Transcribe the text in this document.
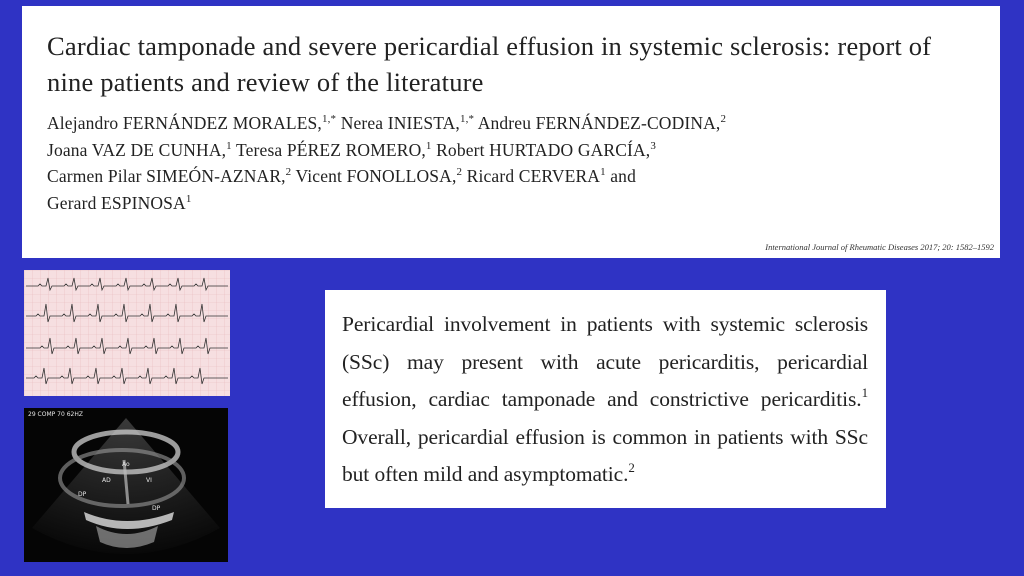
Cardiac tamponade and severe pericardial effusion in systemic sclerosis: report of nine patients and review of the literature
Alejandro FERNÁNDEZ MORALES,$^{1,*}$ Nerea INIESTA,$^{1,*}$ Andreu FERNÁNDEZ-CODINA,$^2$
Joana VAZ DE CUNHA,$^1$ Teresa PÉREZ ROMERO,$^1$ Robert HURTADO GARCÍA,$^3$
Carmen Pilar SIMEÓN-AZNAR,$^2$ Vicent FONOLLOSA,$^2$ Ricard CERVERA$^1$ and
Gerard ESPINOSA$^1$
International Journal of Rheumatic Diseases 2017; 20: 1582–1592
29 COMP 70 62HZ
Ao
AD	VI
DP
DP

Pericardial involvement in patients with systemic sclerosis (SSc) may present with acute pericarditis, pericardial effusion, cardiac tamponade and constrictive pericarditis.$^1$ Overall, pericardial effusion is common in patients with SSc but often mild and asymptomatic.$^2$
